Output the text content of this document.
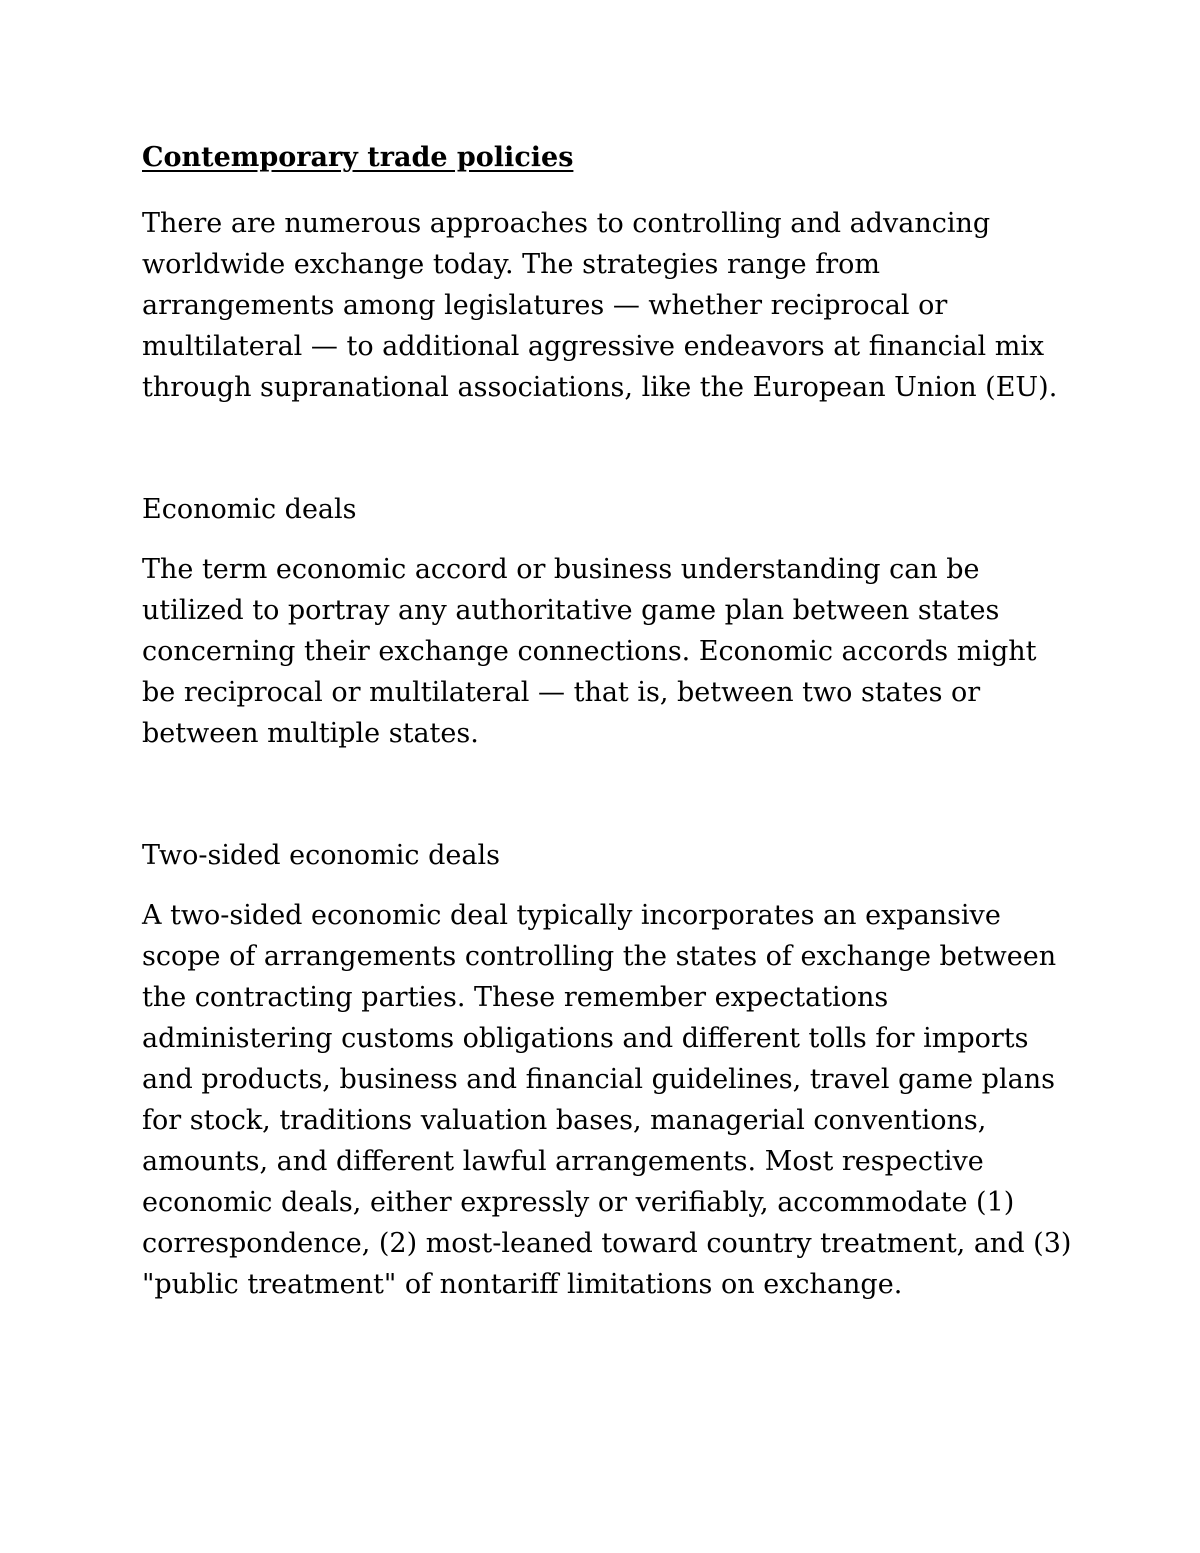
Contemporary trade policies

There are numerous approaches to controlling and advancing worldwide exchange today. The strategies range from arrangements among legislatures — whether reciprocal or multilateral — to additional aggressive endeavors at financial mix through supranational associations, like the European Union (EU).

Economic deals

The term economic accord or business understanding can be utilized to portray any authoritative game plan between states concerning their exchange connections. Economic accords might be reciprocal or multilateral — that is, between two states or between multiple states.

Two-sided economic deals

A two-sided economic deal typically incorporates an expansive scope of arrangements controlling the states of exchange between the contracting parties. These remember expectations administering customs obligations and different tolls for imports and products, business and financial guidelines, travel game plans for stock, traditions valuation bases, managerial conventions, amounts, and different lawful arrangements. Most respective economic deals, either expressly or verifiably, accommodate (1) correspondence, (2) most-leaned toward country treatment, and (3) "public treatment" of nontariff limitations on exchange.
